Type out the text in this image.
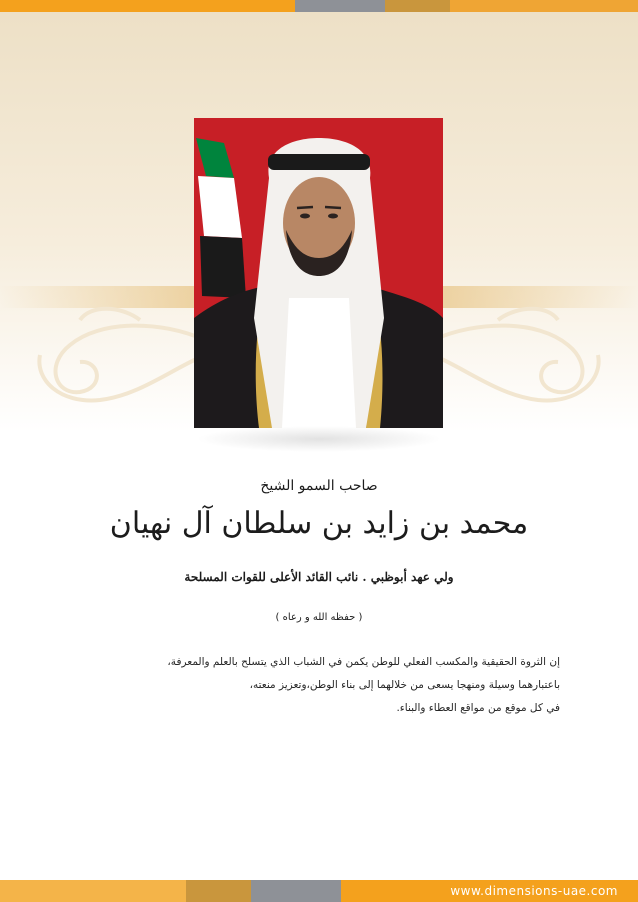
صاحب السمو الشيخ
محمد بن زايد بن سلطان آل نهيان
ولي عهد أبوظبي . نائب القائد الأعلى للقوات المسلحة
( حفظه الله و رعاه )

إن الثروة الحقيقية والمكسب الفعلي للوطن يكمن في الشباب الذي يتسلح بالعلم والمعرفة،

باعتبارهما وسيلة ومنهجا يسعى من خلالهما إلى بناء الوطن،وتعزيز منعته،

في كل موقع من مواقع العطاء والبناء.

www.dimensions-uae.com
